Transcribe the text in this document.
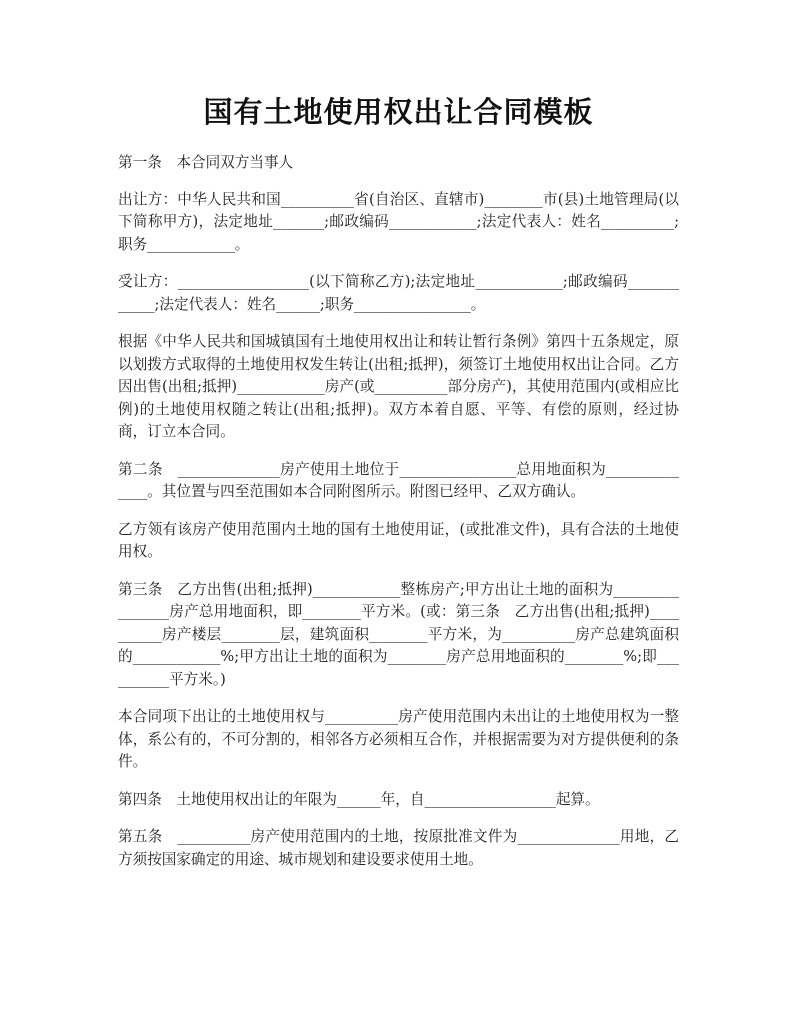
国有土地使用权出让合同模板

第一条　本合同双方当事人

出让方：中华人民共和国__________省(自治区、直辖市)________市(县)土地管理局(以下简称甲方)，法定地址_______;邮政编码____________;法定代表人：姓名__________;职务____________。

受让方：__________________(以下简称乙方);法定地址____________;邮政编码____________;法定代表人：姓名______;职务________________。

根据《中华人民共和国城镇国有土地使用权出让和转让暂行条例》第四十五条规定，原以划拨方式取得的土地使用权发生转让(出租;抵押)，须签订土地使用权出让合同。乙方因出售(出租;抵押)____________房产(或__________部分房产)，其使用范围内(或相应比例)的土地使用权随之转让(出租;抵押)。双方本着自愿、平等、有偿的原则，经过协商，订立本合同。

第二条　______________房产使用土地位于________________总用地面积为______________。其位置与四至范围如本合同附图所示。附图已经甲、乙双方确认。

乙方领有该房产使用范围内土地的国有土地使用证，(或批准文件)，具有合法的土地使用权。

第三条　乙方出售(出租;抵押)____________整栋房产;甲方出让土地的面积为________________房产总用地面积，即________平方米。(或：第三条　乙方出售(出租;抵押)__________房产楼层________层，建筑面积________平方米，为__________房产总建筑面积的____________%;甲方出让土地的面积为________房产总用地面积的________%;即__________平方米。)

本合同项下出让的土地使用权与__________房产使用范围内未出让的土地使用权为一整体，系公有的，不可分割的，相邻各方必须相互合作，并根据需要为对方提供便利的条件。

第四条　土地使用权出让的年限为______年，自__________________起算。

第五条　__________房产使用范围内的土地，按原批准文件为______________用地，乙方须按国家确定的用途、城市规划和建设要求使用土地。
